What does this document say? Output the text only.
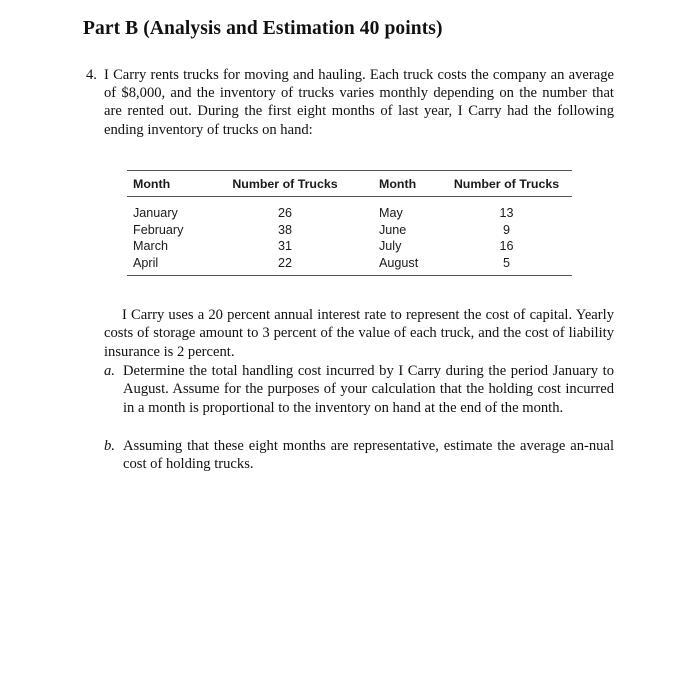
Part B (Analysis and Estimation 40 points)
4. I Carry rents trucks for moving and hauling. Each truck costs the company an average of $8,000, and the inventory of trucks varies monthly depending on the number that are rented out. During the first eight months of last year, I Carry had the following ending inventory of trucks on hand:
Month	Number of Trucks	Month	Number of Trucks
January	26	May	13
February	38	June	9
March	31	July	16
April	22	August	5
I Carry uses a 20 percent annual interest rate to represent the cost of capital. Yearly costs of storage amount to 3 percent of the value of each truck, and the cost of liability insurance is 2 percent.
a. Determine the total handling cost incurred by I Carry during the period January to August. Assume for the purposes of your calculation that the holding cost incurred in a month is proportional to the inventory on hand at the end of the month.
b. Assuming that these eight months are representative, estimate the average an-nual cost of holding trucks.
